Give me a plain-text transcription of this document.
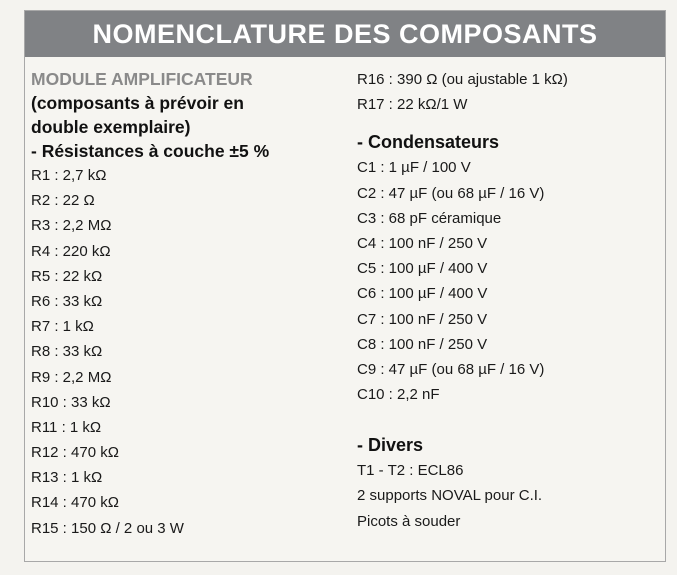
NOMENCLATURE DES COMPOSANTS
MODULE AMPLIFICATEUR
(composants à prévoir en
double exemplaire)
- Résistances à couche ±5 %
R1 : 2,7 kΩ
R2 : 22 Ω
R3 : 2,2 MΩ
R4 : 220 kΩ
R5 : 22 kΩ
R6 : 33 kΩ
R7 : 1 kΩ
R8 : 33 kΩ
R9 : 2,2 MΩ
R10 : 33 kΩ
R11 : 1 kΩ
R12 : 470 kΩ
R13 : 1 kΩ
R14 : 470 kΩ
R15 : 150 Ω / 2 ou 3 W
R16 : 390 Ω (ou ajustable 1 kΩ)
R17 : 22 kΩ/1 W
- Condensateurs
C1 : 1 µF / 100 V
C2 : 47 µF (ou 68 µF / 16 V)
C3 : 68 pF céramique
C4 : 100 nF / 250 V
C5 : 100 µF / 400 V
C6 : 100 µF / 400 V
C7 : 100 nF / 250 V
C8 : 100 nF / 250 V
C9 : 47 µF (ou 68 µF / 16 V)
C10 : 2,2 nF
- Divers
T1 - T2 : ECL86
2 supports NOVAL pour C.I.
Picots à souder
